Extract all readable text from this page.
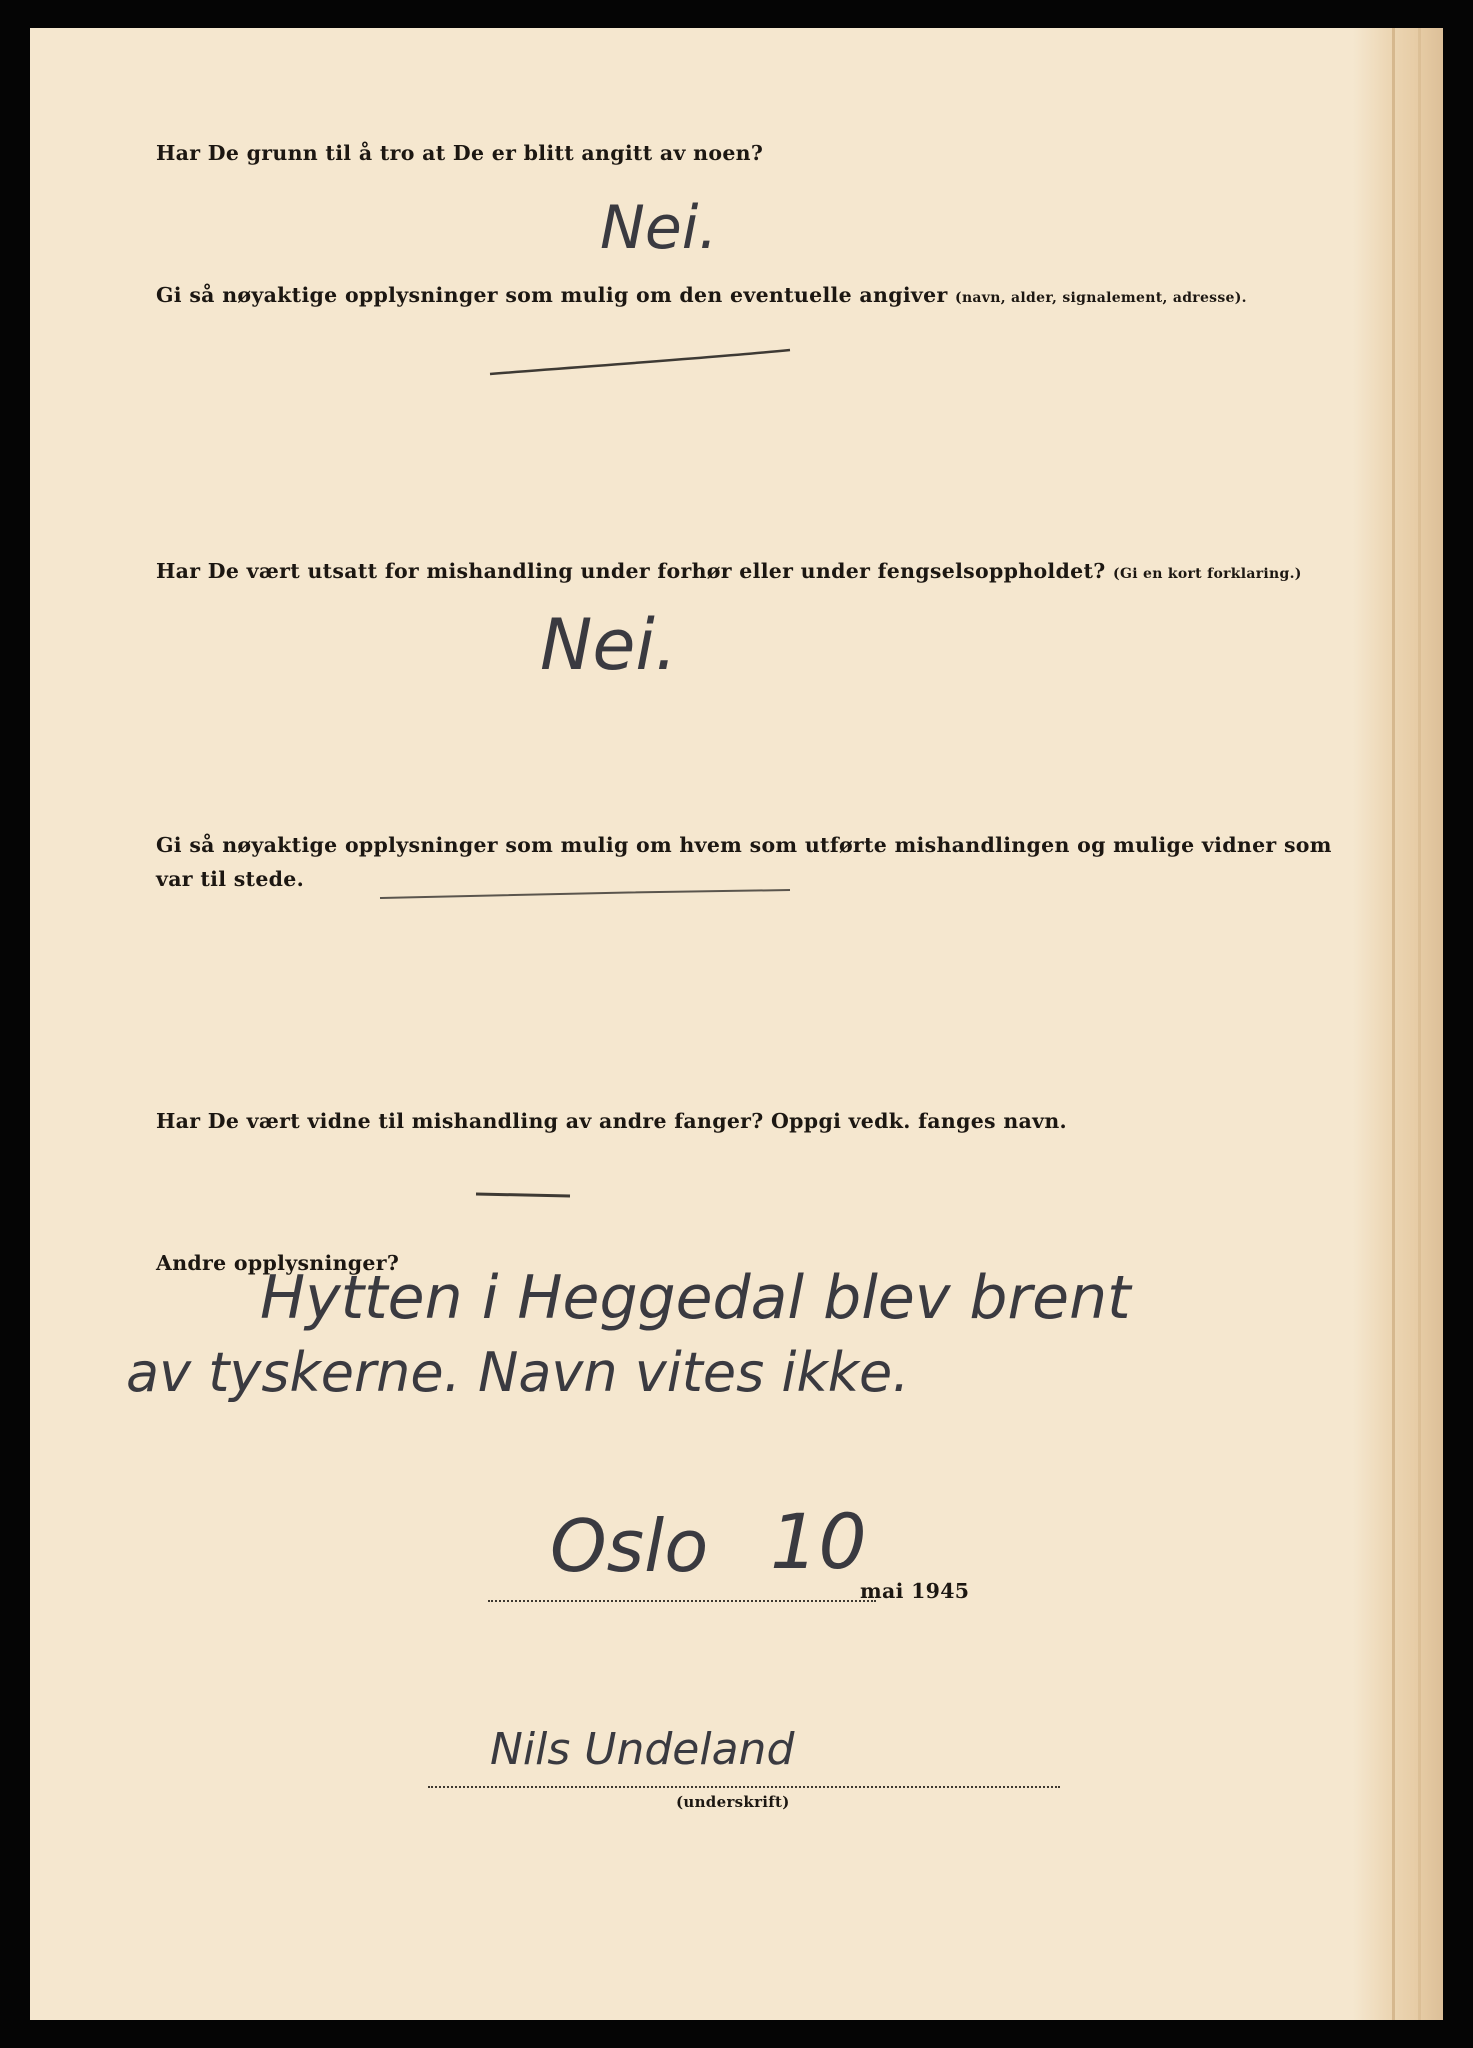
Har De grunn til å tro at De er blitt angitt av noen?

Nei.

Gi så nøyaktige opplysninger som mulig om den eventuelle angiver (navn, alder, signalement, adresse).

Har De vært utsatt for mishandling under forhør eller under fengselsoppholdet? (Gi en kort forklaring.)

Nei.

Gi så nøyaktige opplysninger som mulig om hvem som utførte mishandlingen og mulige vidner som var til stede.

Har De vært vidne til mishandling av andre fanger? Oppgi vedk. fanges navn.

Andre opplysninger?

Hytten i Heggedal blev brent

av tyskerne. Navn vites ikke.

Oslo 10

mai 1945

Nils Undeland

(underskrift)
